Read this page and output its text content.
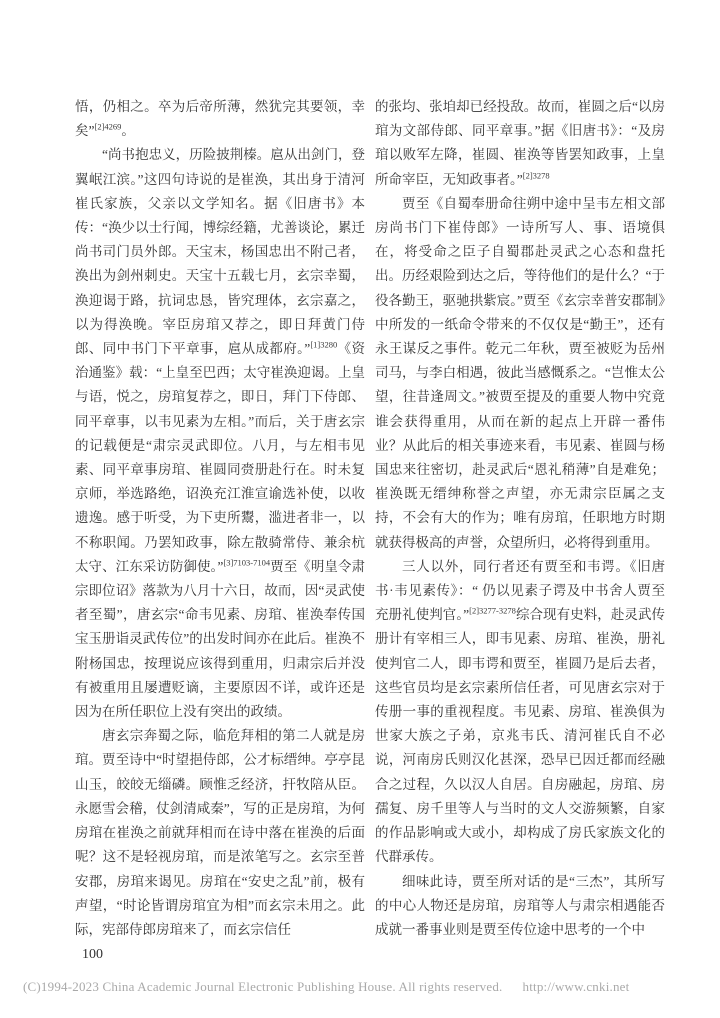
悟，仍相之。卒为后帝所薄，然犹完其要领，幸矣”$^{[2]4269}$。

“尚书抱忠义，历险披荆榛。扈从出剑门，登翼岷江滨。”这四句诗说的是崔涣，其出身于清河崔氏家族，父亲以文学知名。据《旧唐书》本传：“涣少以士行闻，博综经籍，尤善谈论，累迁尚书司门员外郎。天宝末，杨国忠出不附己者，涣出为剑州刺史。天宝十五载七月，玄宗幸蜀，涣迎谒于路，抗词忠恳，皆究理体，玄宗嘉之，以为得涣晚。宰臣房琯又荐之，即日拜黄门侍郎、同中书门下平章事，扈从成都府。”$^{[1]3280}$《资治通鉴》载：“上皇至巴西；太守崔涣迎谒。上皇与语，悦之，房琯复荐之，即日，拜门下侍郎、同平章事，以韦见素为左相。”而后，关于唐玄宗的记载便是“肃宗灵武即位。八月，与左相韦见素、同平章事房琯、崔圆同赍册赴行在。时未复京师，举选路绝，诏涣充江淮宣谕选补使，以收遗逸。感于听受，为下吏所鬻，滥进者非一，以不称职闻。乃罢知政事，除左散骑常侍、兼余杭太守、江东采访防御使。”$^{[3]7103-7104}$贾至《明皇令肃宗即位诏》落款为八月十六日，故而，因“灵武使者至蜀”，唐玄宗“命韦见素、房琯、崔涣奉传国宝玉册诣灵武传位”的出发时间亦在此后。崔涣不附杨国忠，按理说应该得到重用，归肃宗后并没有被重用且屡遭贬谪，主要原因不详，或许还是因为在所任职位上没有突出的政绩。

唐玄宗奔蜀之际，临危拜相的第二人就是房琯。贾至诗中“时望挹侍郎，公才标缙绅。亭亭昆山玉，皎皎无缁磷。顾惟乏经济，扞牧陪从臣。永愿雪会稽，仗剑清咸秦”，写的正是房琯，为何房琯在崔涣之前就拜相而在诗中落在崔涣的后面呢？这不是轻视房琯，而是浓笔写之。玄宗至普安郡，房琯来谒见。房琯在“安史之乱”前，极有声望，“时论皆谓房琯宜为相”而玄宗未用之。此际，宪部侍郎房琯来了，而玄宗信任

100

的张均、张垍却已经投敌。故而，崔圆之后“以房琯为文部侍郎、同平章事。”据《旧唐书》：“及房琯以败军左降，崔圆、崔涣等皆罢知政事，上皇所命宰臣，无知政事者。”$^{[2]3278}$

贾至《自蜀奉册命往朔中途中呈韦左相文部房尚书门下崔侍郎》一诗所写人、事、语境俱在，将受命之臣子自蜀郡赴灵武之心态和盘托出。历经艰险到达之后，等待他们的是什么？“于役各勤王，驱驰拱紫宸。”贾至《玄宗幸普安郡制》中所发的一纸命令带来的不仅仅是“勤王”，还有永王谋反之事件。乾元二年秋，贾至被贬为岳州司马，与李白相遇，彼此当感慨系之。“岂惟太公望，往昔逢周文。”被贾至提及的重要人物中究竟谁会获得重用，从而在新的起点上开辟一番伟业？从此后的相关事迹来看，韦见素、崔圆与杨国忠来往密切，赴灵武后“恩礼稍薄”自是难免；崔涣既无缙绅称誉之声望，亦无肃宗臣属之支持，不会有大的作为；唯有房琯，任职地方时期就获得极高的声誉，众望所归，必将得到重用。

三人以外，同行者还有贾至和韦谔。《旧唐书·韦见素传》：“ 仍以见素子谔及中书舍人贾至充册礼使判官。”$^{[2]3277-3278}$综合现有史料，赴灵武传册计有宰相三人，即韦见素、房琯、崔涣，册礼使判官二人，即韦谔和贾至，崔圆乃是后去者，这些官员均是玄宗素所信任者，可见唐玄宗对于传册一事的重视程度。韦见素、房琯、崔涣俱为世家大族之子弟，京兆韦氏、清河崔氏自不必说，河南房氏则汉化甚深，恐早已因迁都而经融合之过程，久以汉人自居。自房融起，房琯、房孺复、房千里等人与当时的文人交游频繁，自家的作品影响或大或小，却构成了房氏家族文化的代群承传。

细味此诗，贾至所对话的是“三杰”，其所写的中心人物还是房琯，房琯等人与肃宗相遇能否成就一番事业则是贾至传位途中思考的一个中

(C)1994-2023 China Academic Journal Electronic Publishing House. All rights reserved. http://www.cnki.net
